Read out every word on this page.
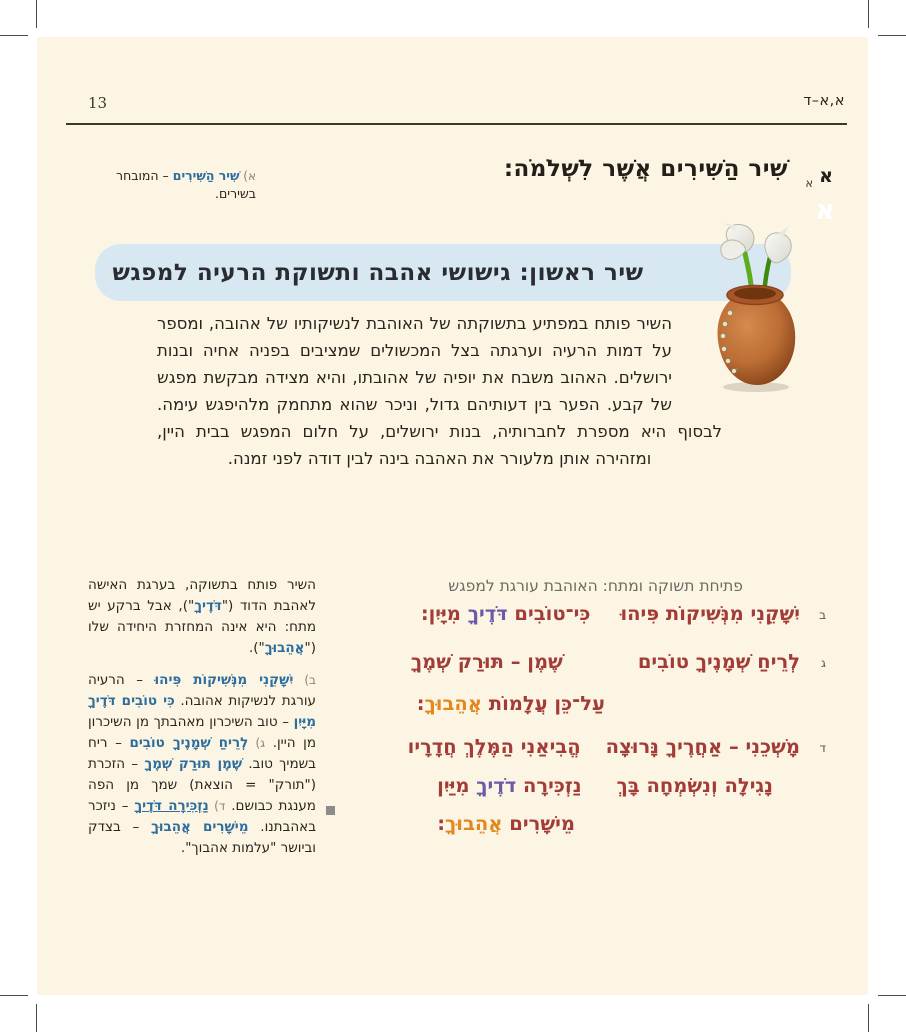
13	א,א–ד
א
א
א
שִׁיר הַשִּׁירִים אֲשֶׁר לִשְׁלֹמֹה:
א) שִׁיר הַשִּׁירִים – המובחר בשירים.
שיר ראשון: גישושי אהבה ותשוקת הרעיה למפגש
השיר פותח במפתיע בתשוקתה של האוהבת לנשיקותיו של אהובה, ומספר על דמות הרעיה וערגתה בצל המכשולים שמציבים בפניה אחיה ובנות ירושלים. האהוב משבח את יופיה של אהובתו, והיא מצידה מבקשת מפגש של קבע. הפער בין דעותיהם גדול, וניכר שהוא מתחמק מלהיפגש עימה. לבסוף היא מספרת לחברותיה, בנות ירושלים, על חלום המפגש בבית היין, ומזהירה אותן מלעורר את האהבה בינה לבין דודה לפני זמנה.
פתיחת תשוקה ומתח: האוהבת עורגת למפגש
ב
יִשָּׁקֵנִי מִנְּשִׁיקוֹת פִּיהוּכִּי־טוֹבִים דֹּדֶיךָ מִיָּיִן:
ג
לְרֵיחַ שְׁמָנֶיךָ טוֹבִיםשֶׁמֶן – תּוּרַק שְׁמֶךָ
עַל־כֵּן עֲלָמוֹת אֲהֵבוּךָ:
ד
מָשְׁכֵנִי – אַחֲרֶיךָ נָּרוּצָההֱבִיאַנִי הַמֶּלֶךְ חֲדָרָיו
נָגִילָה וְנִשְׂמְחָה בָּךְנַזְכִּירָה דֹדֶיךָ מִיַּיִן
מֵישָׁרִים אֲהֵבוּךָ:

השיר פותח בתשוקה, בערגת האישה לאהבת הדוד ("דֹּדֶיךָ"), אבל ברקע יש מתח: היא אינה המחזרת היחידה שלו ("אֲהֵבוּךָ").

ב) יִשָּׁקֵנִי מִנְּשִׁיקוֹת פִּיהוּ – הרעיה עורגת לנשיקות אהובה. כִּי טוֹבִים דֹּדֶיךָ מִיָּיִן – טוב השיכרון מאהבתך מן השיכרון מן היין. ג) לְרֵיחַ שְׁמָנֶיךָ טוֹבִים – ריח בשמיך טוב. שֶׁמֶן תּוּרַק שְׁמֶךָ – הזכרת ("תורק" = הוצאת) שמך מן הפה מענגת כבושם. ד) נַזְכִּירָה דֹּדֶיךָ – ניזכר באהבתנו. מֵישָׁרִים אֲהֵבוּךָ – בצדק וביושר "עלמות אהבוך".
